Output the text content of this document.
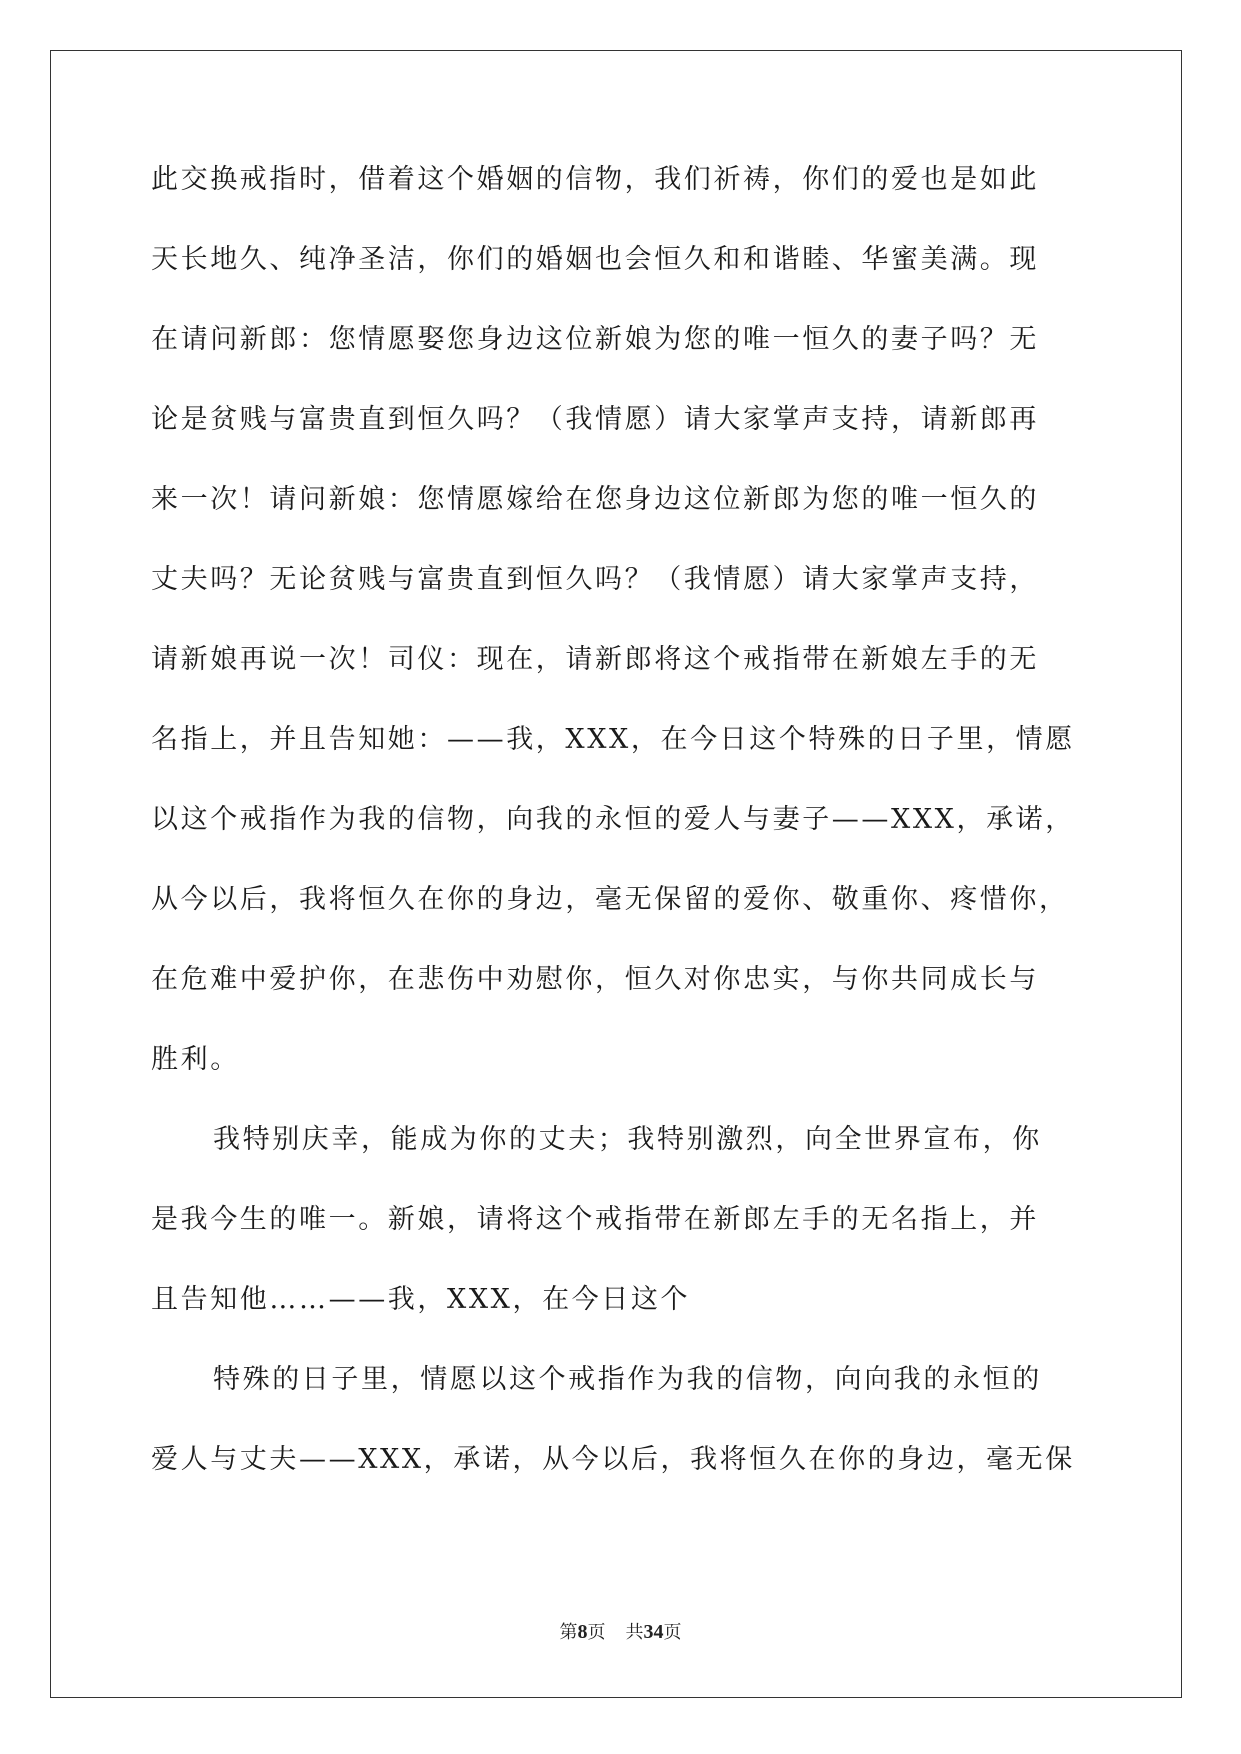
此交换戒指时，借着这个婚姻的信物，我们祈祷，你们的爱也是如此
天长地久、纯净圣洁，你们的婚姻也会恒久和和谐睦、华蜜美满。现
在请问新郎：您情愿娶您身边这位新娘为您的唯一恒久的妻子吗？无
论是贫贱与富贵直到恒久吗？（我情愿）请大家掌声支持，请新郎再
来一次！请问新娘：您情愿嫁给在您身边这位新郎为您的唯一恒久的
丈夫吗？无论贫贱与富贵直到恒久吗？（我情愿）请大家掌声支持，
请新娘再说一次！司仪：现在，请新郎将这个戒指带在新娘左手的无
名指上，并且告知她：——我，XXX，在今日这个特殊的日子里，情愿
以这个戒指作为我的信物，向我的永恒的爱人与妻子——XXX，承诺，
从今以后，我将恒久在你的身边，毫无保留的爱你、敬重你、疼惜你，
在危难中爱护你，在悲伤中劝慰你，恒久对你忠实，与你共同成长与
胜利。
我特别庆幸，能成为你的丈夫；我特别激烈，向全世界宣布，你
是我今生的唯一。新娘，请将这个戒指带在新郎左手的无名指上，并
且告知他……——我，XXX，在今日这个
特殊的日子里，情愿以这个戒指作为我的信物，向向我的永恒的
爱人与丈夫——XXX，承诺，从今以后，我将恒久在你的身边，毫无保
第8页 共34页
